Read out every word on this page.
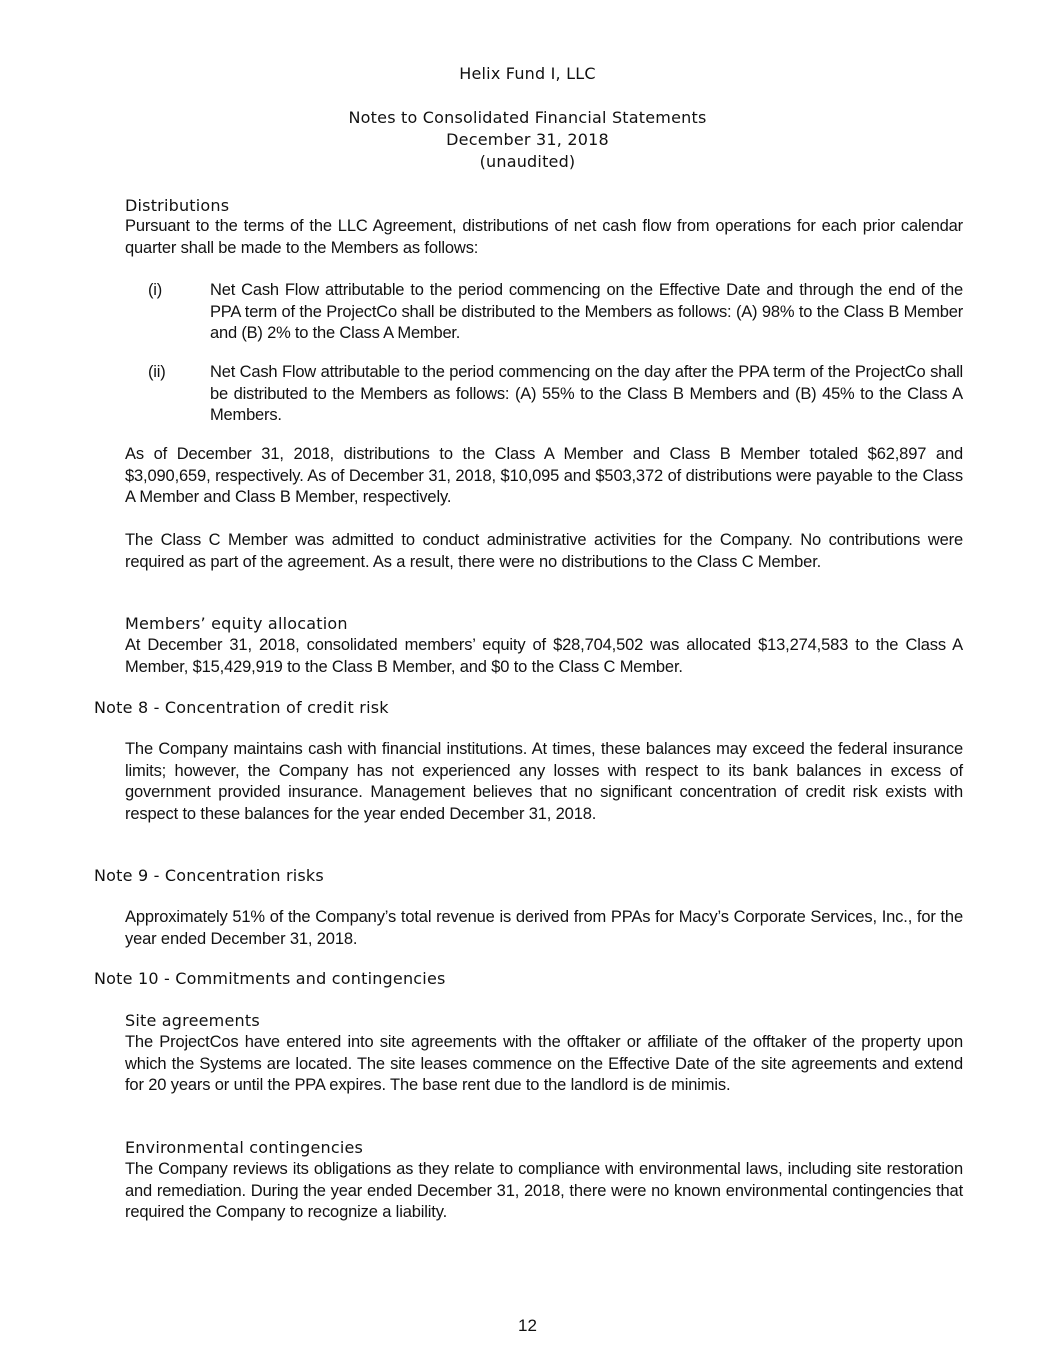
Helix Fund I, LLC
Notes to Consolidated Financial Statements
December 31, 2018
(unaudited)
Distributions
Pursuant to the terms of the LLC Agreement, distributions of net cash flow from operations for each prior calendar quarter shall be made to the Members as follows:
(i)	Net Cash Flow attributable to the period commencing on the Effective Date and through the end of the PPA term of the ProjectCo shall be distributed to the Members as follows: (A) 98% to the Class B Member and (B) 2% to the Class A Member.
(ii)	Net Cash Flow attributable to the period commencing on the day after the PPA term of the ProjectCo shall be distributed to the Members as follows: (A) 55% to the Class B Members and (B) 45% to the Class A Members.
As of December 31, 2018, distributions to the Class A Member and Class B Member totaled $62,897 and $3,090,659, respectively. As of December 31, 2018, $10,095 and $503,372 of distributions were payable to the Class A Member and Class B Member, respectively.
The Class C Member was admitted to conduct administrative activities for the Company. No contributions were required as part of the agreement. As a result, there were no distributions to the Class C Member.
Members’ equity allocation
At December 31, 2018, consolidated members’ equity of $28,704,502 was allocated $13,274,583 to the Class A Member, $15,429,919 to the Class B Member, and $0 to the Class C Member.
Note 8 - Concentration of credit risk
The Company maintains cash with financial institutions. At times, these balances may exceed the federal insurance limits; however, the Company has not experienced any losses with respect to its bank balances in excess of government provided insurance. Management believes that no significant concentration of credit risk exists with respect to these balances for the year ended December 31, 2018.
Note 9 - Concentration risks
Approximately 51% of the Company’s total revenue is derived from PPAs for Macy’s Corporate Services, Inc., for the year ended December 31, 2018.
Note 10 - Commitments and contingencies
Site agreements
The ProjectCos have entered into site agreements with the offtaker or affiliate of the offtaker of the property upon which the Systems are located. The site leases commence on the Effective Date of the site agreements and extend for 20 years or until the PPA expires. The base rent due to the landlord is de minimis.
Environmental contingencies
The Company reviews its obligations as they relate to compliance with environmental laws, including site restoration and remediation. During the year ended December 31, 2018, there were no known environmental contingencies that required the Company to recognize a liability.
12
